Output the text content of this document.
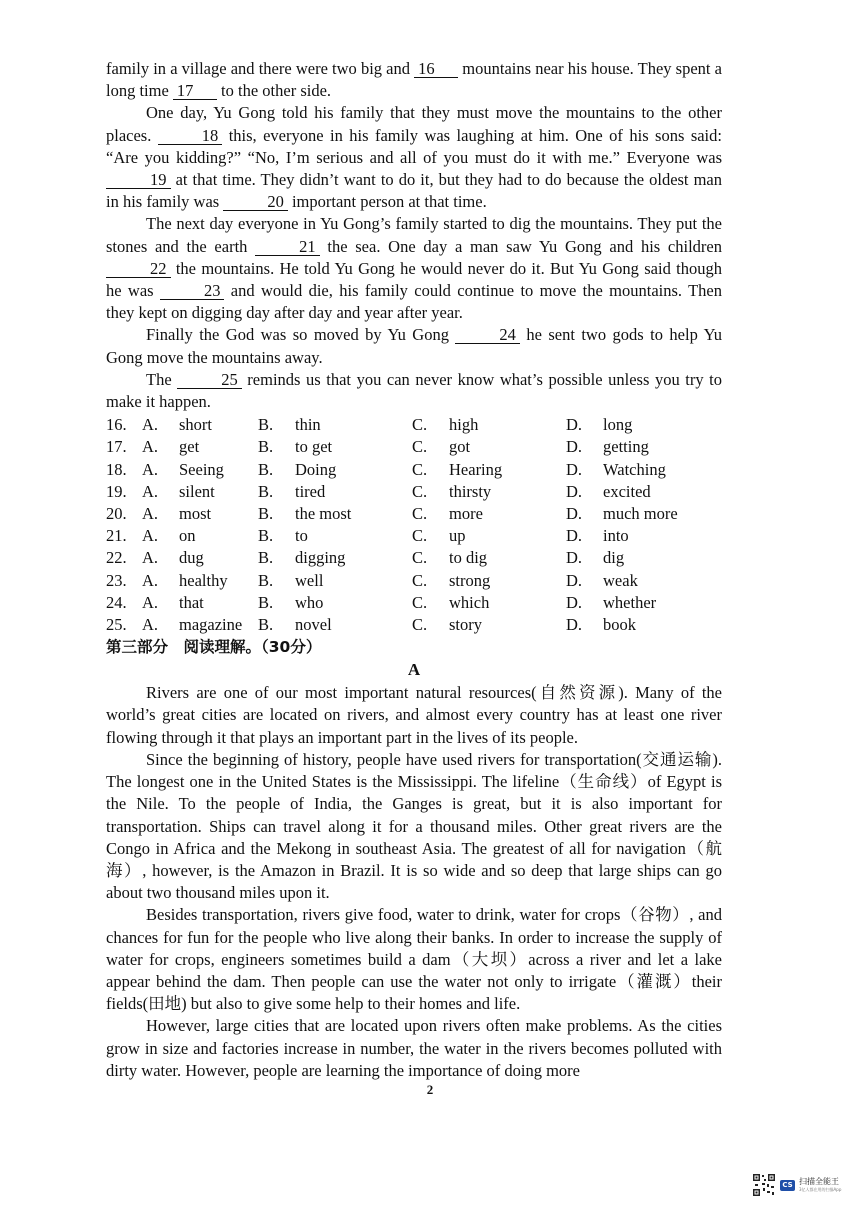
family in a village and there were two big and 16 mountains near his house. They spent a long time 17 to the other side.

One day, Yu Gong told his family that they must move the mountains to the other places.	18 this, everyone in his family was laughing at him. One of his sons said: “Are you kidding?” “No, I’m serious and all of you must do it with me.” Everyone was 19 at that time. They didn’t want to do it, but they had to do because the oldest man in his family was	20 important person at that time.

The next day everyone in Yu Gong’s family started to dig the mountains. They put the stones and the earth	21 the sea. One day a man saw Yu Gong and his children 22 the mountains. He told Yu Gong he would never do it. But Yu Gong said though he was	23 and would die, his family could continue to move the mountains. Then they kept on digging day after day and year after year.

Finally the God was so moved by Yu Gong	24 he sent two gods to help Yu Gong move the mountains away.

The	25 reminds us that you can never know what’s possible unless you try to make it happen.

16. A.	short	B.	thin	C.	high	D.	long
17. A.	get	B.	to get	C.	got	D.	getting
18. A.	Seeing B.	Doing	C.	Hearing	D.	Watching
19. A.	silent	B.	tired	C.	thirsty	D.	excited
20. A.	most	B.	the most	C.	more	D.	much more
21. A.	on	B.	to	C.	up	D.	into
22. A.	dug	B.	digging	C.	to dig	D.	dig
23. A.	healthy B.	well	C.	strong	D.	weak
24. A.	that	B.	who	C.	which	D.	whether
25. A.	magazine B.	novel	C.	story	D.	book

第三部分　阅读理解。（30分）

A

Rivers are one of our most important natural resources(自然资源). Many of the world’s great cities are located on rivers, and almost every country has at least one river flowing through it that plays an important part in the lives of its people.

Since the beginning of history, people have used rivers for transportation(交通运输). The longest one in the United States is the Mississippi. The lifeline（生命线）of Egypt is the Nile. To the people of India, the Ganges is great, but it is also important for transportation. Ships can travel along it for a thousand miles. Other great rivers are the Congo in Africa and the Mekong in southeast Asia. The greatest of all for navigation（航海）, however, is the Amazon in Brazil. It is so wide and so deep that large ships can go about two thousand miles upon it.

Besides transportation, rivers give food, water to drink, water for crops（谷物）, and chances for fun for the people who live along their banks. In order to increase the supply of water for crops, engineers sometimes build a dam（大坝）across a river and let a lake appear behind the dam. Then people can use the water not only to irrigate（灌溉）their fields(田地) but also to give some help to their homes and life.

However, large cities that are located upon rivers often make problems. As the cities grow in size and factories increase in number, the water in the rivers becomes polluted with dirty water. However, people are learning the importance of doing more

2
CS 扫描全能王
3亿人都在用的扫描App
